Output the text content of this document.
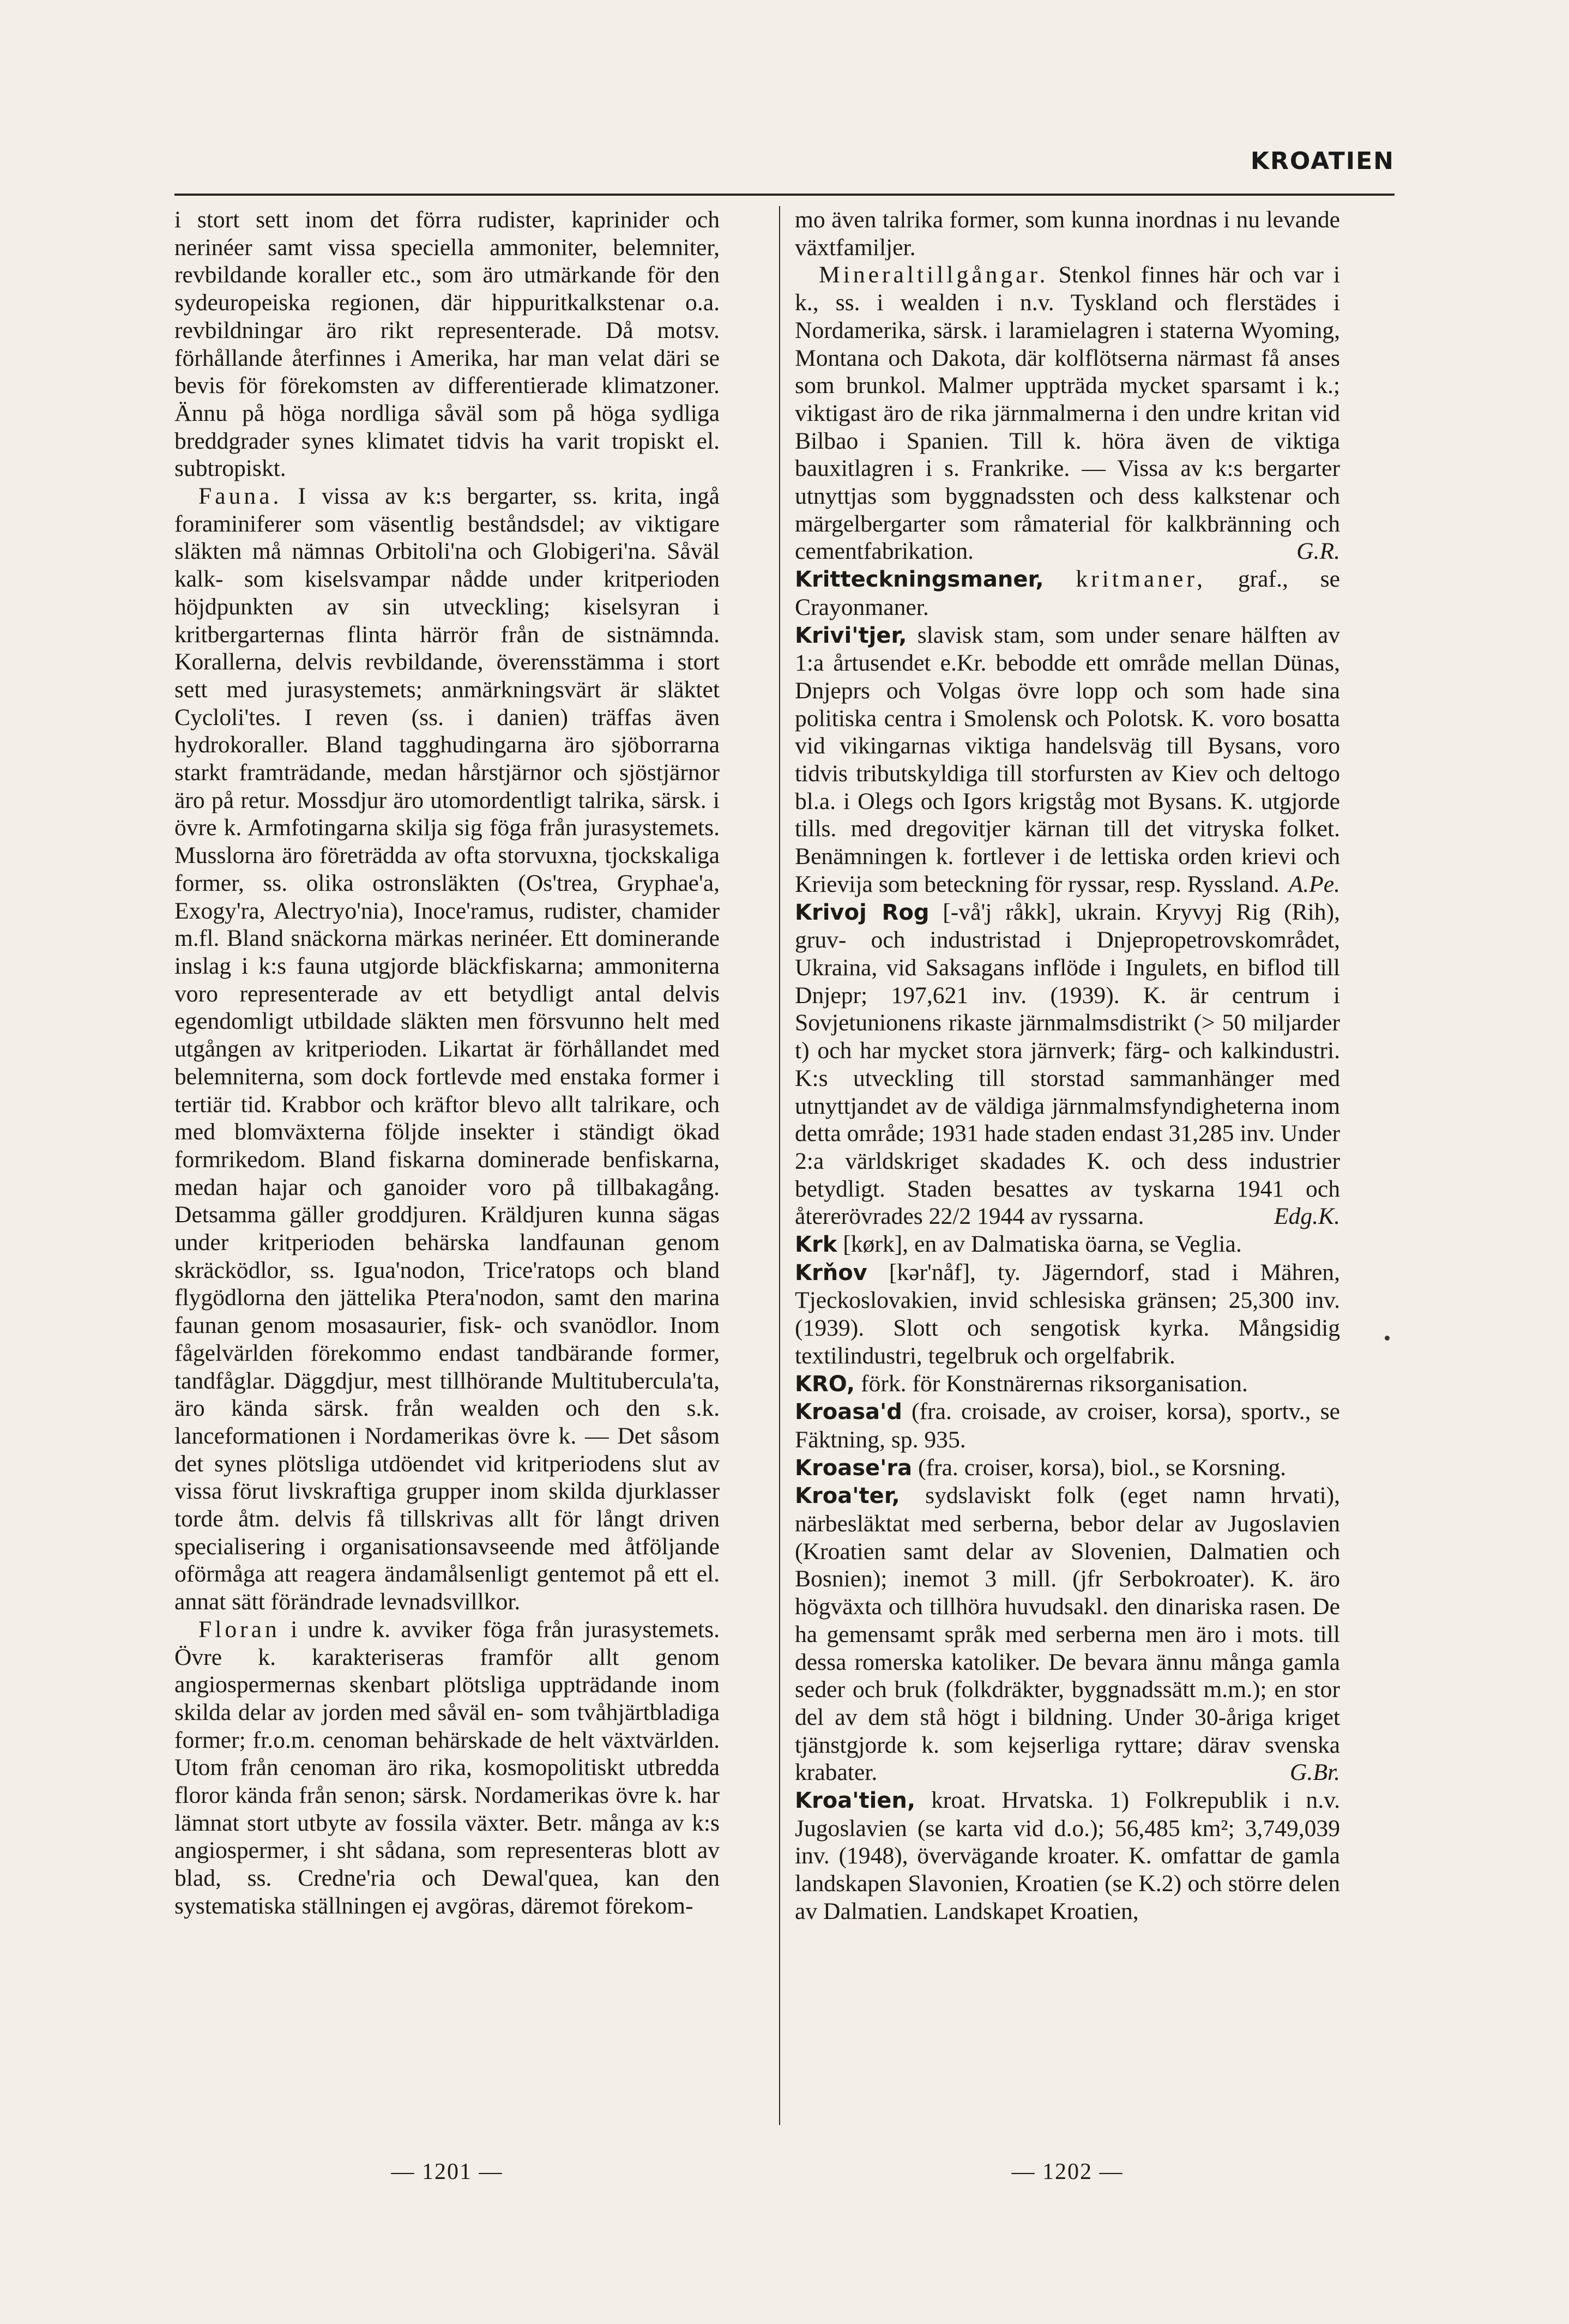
KROATIEN

i stort sett inom det förra rudister, kaprinider och nerinéer samt vissa speciella ammoniter, belemniter, revbildande koraller etc., som äro utmärkande för den sydeuropeiska regionen, där hippuritkalkstenar o.a. revbildningar äro rikt representerade. Då motsv. förhållande återfinnes i Amerika, har man velat däri se bevis för förekomsten av differentierade klimatzoner. Ännu på höga nordliga såväl som på höga sydliga breddgrader synes klimatet tidvis ha varit tropiskt el. subtropiskt.

Fauna. I vissa av k:s bergarter, ss. krita, ingå foraminiferer som väsentlig beståndsdel; av viktigare släkten må nämnas Orbitoli'na och Globigeri'na. Såväl kalk- som kiselsvampar nådde under kritperioden höjdpunkten av sin utveckling; kiselsyran i kritbergarternas flinta härrör från de sistnämnda. Korallerna, delvis revbildande, överensstämma i stort sett med jurasystemets; anmärkningsvärt är släktet Cycloli'tes. I reven (ss. i danien) träffas även hydrokoraller. Bland tagghudingarna äro sjöborrarna starkt framträdande, medan hårstjärnor och sjöstjärnor äro på retur. Mossdjur äro utomordentligt talrika, särsk. i övre k. Armfotingarna skilja sig föga från jurasystemets. Musslorna äro företrädda av ofta storvuxna, tjockskaliga former, ss. olika ostronsläkten (Os'trea, Gryphae'a, Exogy'ra, Alectryo'nia), Inoce'ramus, rudister, chamider m.fl. Bland snäckorna märkas nerinéer. Ett dominerande inslag i k:s fauna utgjorde bläckfiskarna; ammoniterna voro representerade av ett betydligt antal delvis egendomligt utbildade släkten men försvunno helt med utgången av kritperioden. Likartat är förhållandet med belemniterna, som dock fortlevde med enstaka former i tertiär tid. Krabbor och kräftor blevo allt talrikare, och med blomväxterna följde insekter i ständigt ökad formrikedom. Bland fiskarna dominerade benfiskarna, medan hajar och ganoider voro på tillbakagång. Detsamma gäller groddjuren. Kräldjuren kunna sägas under kritperioden behärska landfaunan genom skräcködlor, ss. Igua'nodon, Trice'ratops och bland flygödlorna den jättelika Ptera'nodon, samt den marina faunan genom mosasaurier, fisk- och svanödlor. Inom fågelvärlden förekommo endast tandbärande former, tandfåglar. Däggdjur, mest tillhörande Multitubercula'ta, äro kända särsk. från wealden och den s.k. lanceformationen i Nordamerikas övre k. — Det såsom det synes plötsliga utdöendet vid kritperiodens slut av vissa förut livskraftiga grupper inom skilda djurklasser torde åtm. delvis få tillskrivas allt för långt driven specialisering i organisationsavseende med åtföljande oförmåga att reagera ändamålsenligt gentemot på ett el. annat sätt förändrade levnadsvillkor.

Floran i undre k. avviker föga från jurasystemets. Övre k. karakteriseras framför allt genom angiospermernas skenbart plötsliga uppträdande inom skilda delar av jorden med såväl en- som tvåhjärtbladiga former; fr.o.m. cenoman behärskade de helt växtvärlden. Utom från cenoman äro rika, kosmopolitiskt utbredda floror kända från senon; särsk. Nordamerikas övre k. har lämnat stort utbyte av fossila växter. Betr. många av k:s angiospermer, i sht sådana, som representeras blott av blad, ss. Credne'ria och Dewal'quea, kan den systematiska ställningen ej avgöras, däremot förekom-

mo även talrika former, som kunna inordnas i nu levande växtfamiljer.

Mineraltillgångar. Stenkol finnes här och var i k., ss. i wealden i n.v. Tyskland och flerstädes i Nordamerika, särsk. i laramielagren i staterna Wyoming, Montana och Dakota, där kolflötserna närmast få anses som brunkol. Malmer uppträda mycket sparsamt i k.; viktigast äro de rika järnmalmerna i den undre kritan vid Bilbao i Spanien. Till k. höra även de viktiga bauxitlagren i s. Frankrike. — Vissa av k:s bergarter utnyttjas som byggnadssten och dess kalkstenar och märgelbergarter som råmaterial för kalkbränning och cementfabrikation.	G.R.

Kritteckningsmaner, kritmaner, graf., se Crayonmaner.

Krivi'tjer, slavisk stam, som under senare hälften av 1:a årtusendet e.Kr. bebodde ett område mellan Dünas, Dnjeprs och Volgas övre lopp och som hade sina politiska centra i Smolensk och Polotsk. K. voro bosatta vid vikingarnas viktiga handelsväg till Bysans, voro tidvis tributskyldiga till storfursten av Kiev och deltogo bl.a. i Olegs och Igors krigståg mot Bysans. K. utgjorde tills. med dregovitjer kärnan till det vitryska folket. Benämningen k. fortlever i de lettiska orden krievi och Krievija som beteckning för ryssar, resp. Ryssland. A.Pe.

Krivoj Rog [-vå'j råkk], ukrain. Kryvyj Rig (Rih), gruv- och industristad i Dnjepropetrovskområdet, Ukraina, vid Saksagans inflöde i Ingulets, en biflod till Dnjepr; 197,621 inv. (1939). K. är centrum i Sovjetunionens rikaste järnmalmsdistrikt (> 50 miljarder t) och har mycket stora järnverk; färg- och kalkindustri. K:s utveckling till storstad sammanhänger med utnyttjandet av de väldiga järnmalmsfyndigheterna inom detta område; 1931 hade staden endast 31,285 inv. Under 2:a världskriget skadades K. och dess industrier betydligt. Staden besattes av tyskarna 1941 och återerövrades 22/2 1944 av ryssarna.	Edg.K.

Krk [kørk], en av Dalmatiska öarna, se Veglia.

Krňov [kər'nåf], ty. Jägerndorf, stad i Mähren, Tjeckoslovakien, invid schlesiska gränsen; 25,300 inv. (1939). Slott och sengotisk kyrka. Mångsidig textilindustri, tegelbruk och orgelfabrik.

KRO, förk. för Konstnärernas riksorganisation.

Kroasa'd (fra. croisade, av croiser, korsa), sportv., se Fäktning, sp. 935.

Kroase'ra (fra. croiser, korsa), biol., se Korsning.

Kroa'ter, sydslaviskt folk (eget namn hrvati), närbesläktat med serberna, bebor delar av Jugoslavien (Kroatien samt delar av Slovenien, Dalmatien och Bosnien); inemot 3 mill. (jfr Serbokroater). K. äro högväxta och tillhöra huvudsakl. den dinariska rasen. De ha gemensamt språk med serberna men äro i mots. till dessa romerska katoliker. De bevara ännu många gamla seder och bruk (folkdräkter, byggnadssätt m.m.); en stor del av dem stå högt i bildning. Under 30-åriga kriget tjänstgjorde k. som kejserliga ryttare; därav svenska krabater.	G.Br.

Kroa'tien, kroat. Hrvatska. 1) Folkrepublik i n.v. Jugoslavien (se karta vid d.o.); 56,485 km²; 3,749,039 inv. (1948), övervägande kroater. K. omfattar de gamla landskapen Slavonien, Kroatien (se K.2) och större delen av Dalmatien. Landskapet Kroatien,

— 1201 —	— 1202 —
